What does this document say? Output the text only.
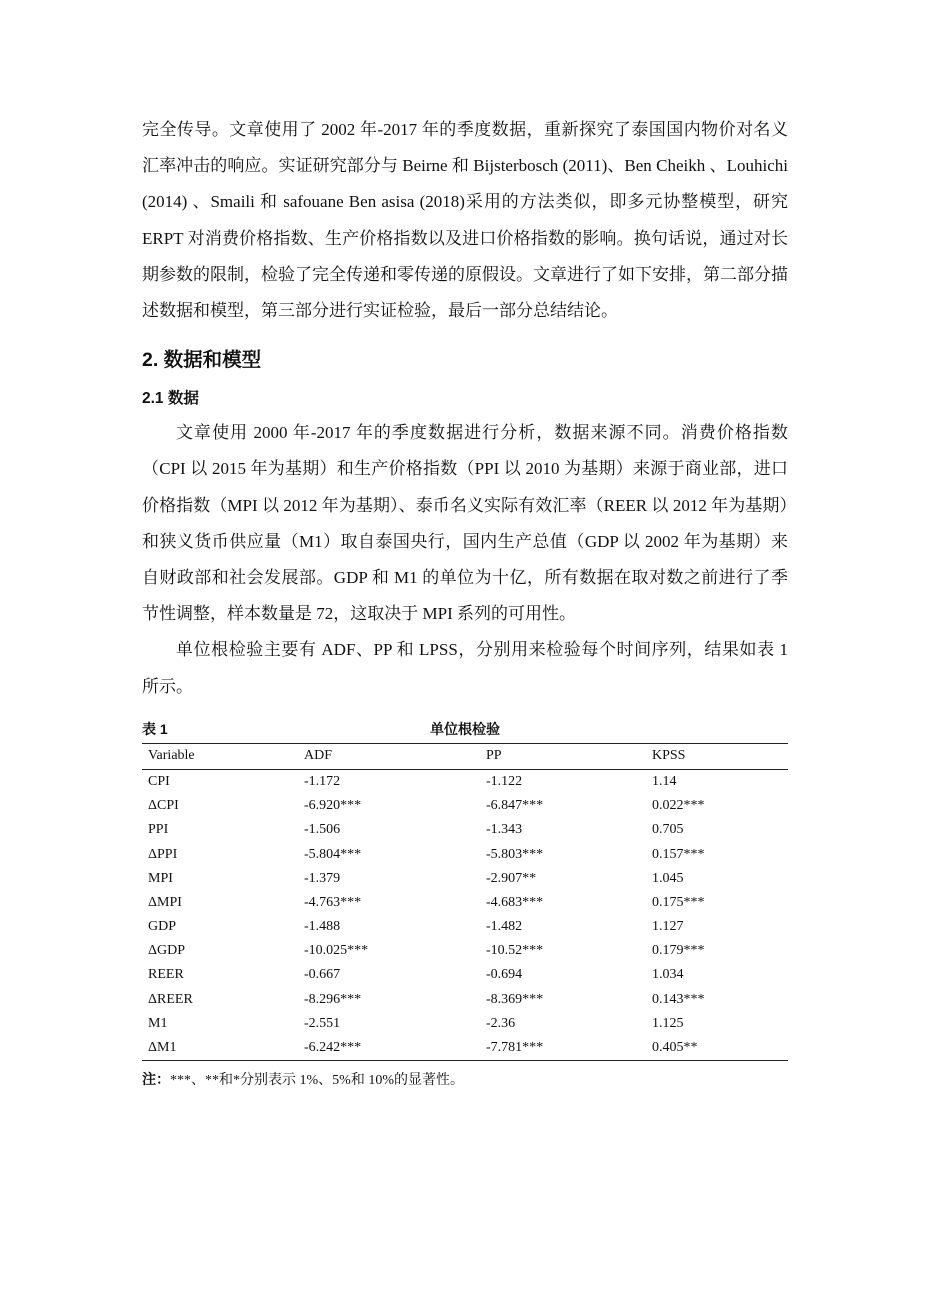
完全传导。文章使用了 2002 年-2017 年的季度数据，重新探究了泰国国内物价对名义汇率冲击的响应。实证研究部分与 Beirne 和 Bijsterbosch (2011)、Ben Cheikh 、Louhichi (2014) 、Smaili 和 safouane Ben asisa (2018)采用的方法类似，即多元协整模型，研究 ERPT 对消费价格指数、生产价格指数以及进口价格指数的影响。换句话说，通过对长期参数的限制，检验了完全传递和零传递的原假设。文章进行了如下安排，第二部分描述数据和模型，第三部分进行实证检验，最后一部分总结结论。

2. 数据和模型
2.1 数据

文章使用 2000 年-2017 年的季度数据进行分析，数据来源不同。消费价格指数（CPI 以 2015 年为基期）和生产价格指数（PPI 以 2010 为基期）来源于商业部，进口价格指数（MPI 以 2012 年为基期）、泰币名义实际有效汇率（REER 以 2012 年为基期）和狭义货币供应量（M1）取自泰国央行，国内生产总值（GDP 以 2002 年为基期）来自财政部和社会发展部。GDP 和 M1 的单位为十亿，所有数据在取对数之前进行了季节性调整，样本数量是 72，这取决于 MPI 系列的可用性。

单位根检验主要有 ADF、PP 和 LPSS，分别用来检验每个时间序列，结果如表 1 所示。

表 1	单位根检验
Variable	ADF	PP	KPSS
CPI	-1.172	-1.122	1.14
ΔCPI	-6.920***	-6.847***	0.022***
PPI	-1.506	-1.343	0.705
ΔPPI	-5.804***	-5.803***	0.157***
MPI	-1.379	-2.907**	1.045
ΔMPI	-4.763***	-4.683***	0.175***
GDP	-1.488	-1.482	1.127
ΔGDP	-10.025***	-10.52***	0.179***
REER	-0.667	-0.694	1.034
ΔREER	-8.296***	-8.369***	0.143***
M1	-2.551	-2.36	1.125
ΔM1	-6.242***	-7.781***	0.405**
注：***、**和*分别表示 1%、5%和 10%的显著性。
